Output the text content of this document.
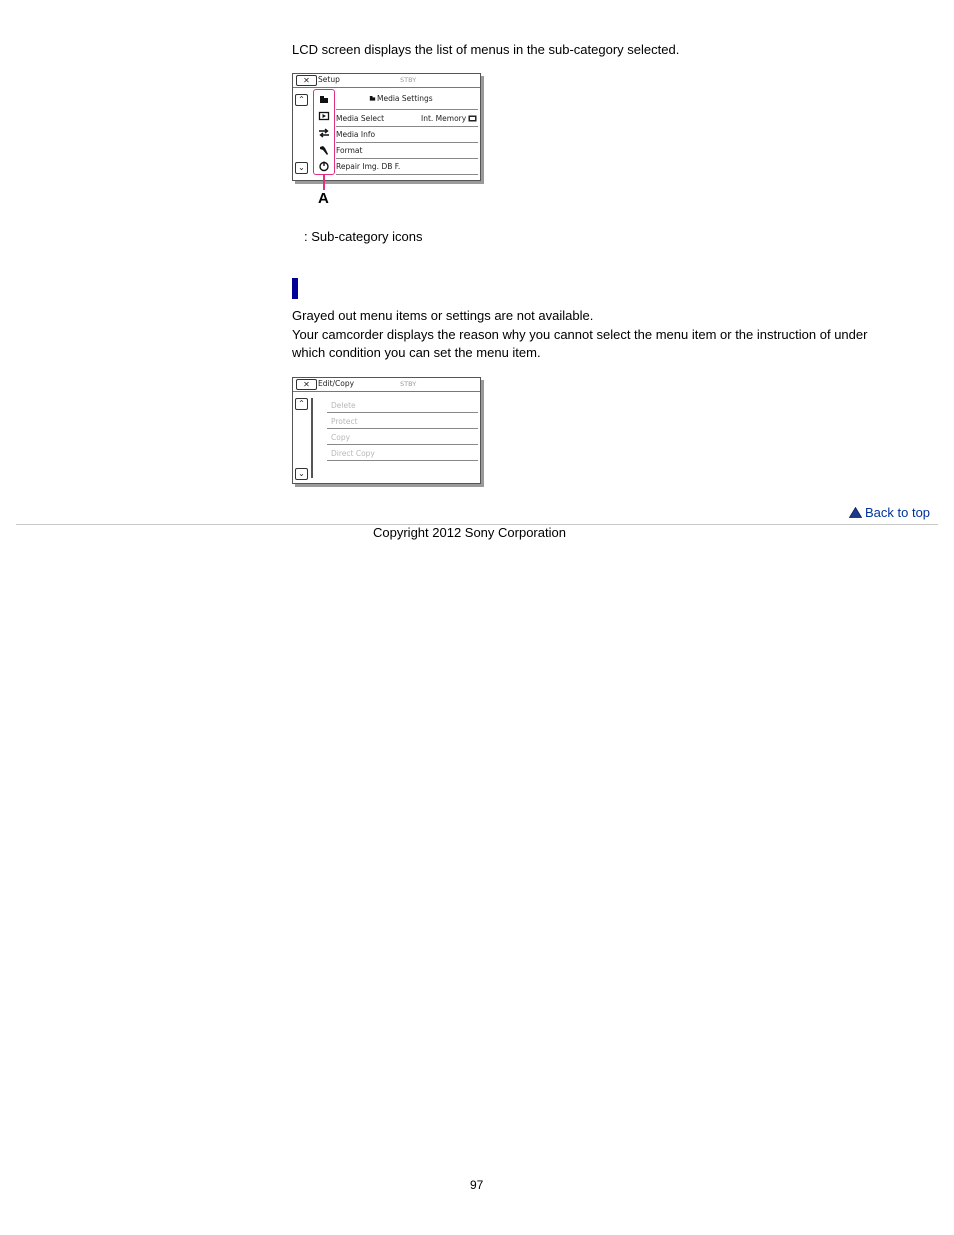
LCD screen displays the list of menus in the sub-category selected.
✕	Setup	STBY
⌃
⌄
Media Settings
Media Select	Int. Memory
Media Info
Format
Repair Img. DB F.
A
: Sub-category icons
Grayed out menu items or settings are not available.
Your camcorder displays the reason why you cannot select the menu item or the instruction of under
which condition you can set the menu item.
✕	Edit/Copy	STBY
⌃
⌄
Delete
Protect
Copy
Direct Copy
Back to top
Copyright 2012 Sony Corporation
97
